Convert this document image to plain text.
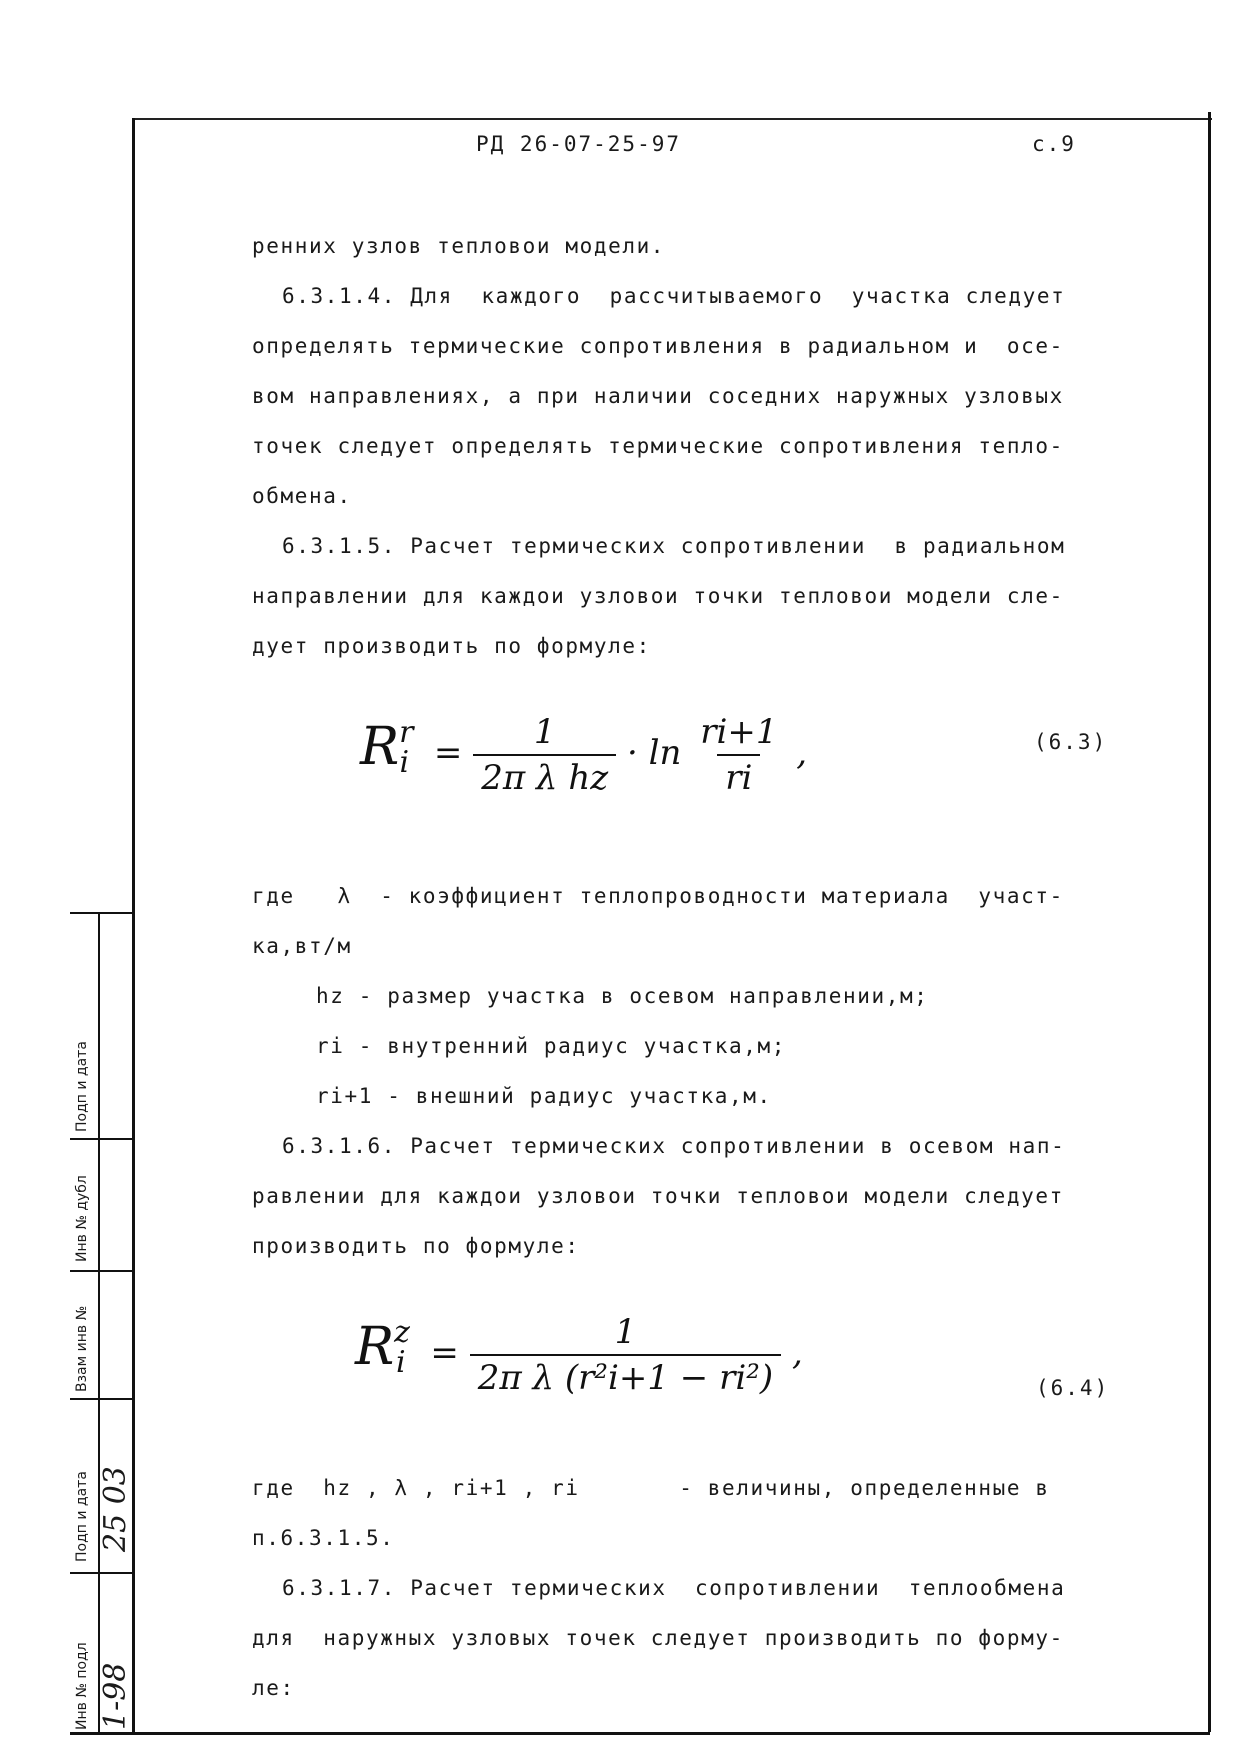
РД 26-07-25-97	с.9
ренних узлов тепловои модели.
6.3.1.4. Для  каждого  рассчитываемого  участка следует
определять термические сопротивления в радиальном и  осе-
вом направлениях, а при наличии соседних наружных узловых
точек следует определять термические сопротивления тепло-
обмена.
6.3.1.5. Расчет термических сопротивлении  в радиальном
направлении для каждои узловои точки тепловои модели сле-
дует производить по формуле:
$R^ri = \frac{1}{\text{2π λ hz}} \cdot \ln \frac{ri+1}{ri}$ ,	(6.3)
где   λ  - коэффициент теплопроводности материала  участ-
ка,вт/м
hz - размер участка в осевом направлении,м;
ri - внутренний радиус участка,м;
ri+1 - внешний радиус участка,м.
6.3.1.6. Расчет термических сопротивлении в осевом нап-
равлении для каждои узловои точки тепловои модели следует
производить по формуле:
$R^zi = \frac{1}{\text{2π λ (r²i+1 − ri²)}}$ ,
(6.4)
где  hz , λ , ri+1 , ri       - величины, определенные в
п.6.3.1.5.
6.3.1.7. Расчет термических  сопротивлении  теплообмена
для  наружных узловых точек следует производить по форму-
ле:
Подп и дата
Инв № дубл
Взам инв №
Подп и дата
Инв № подл
25 03
1-98
